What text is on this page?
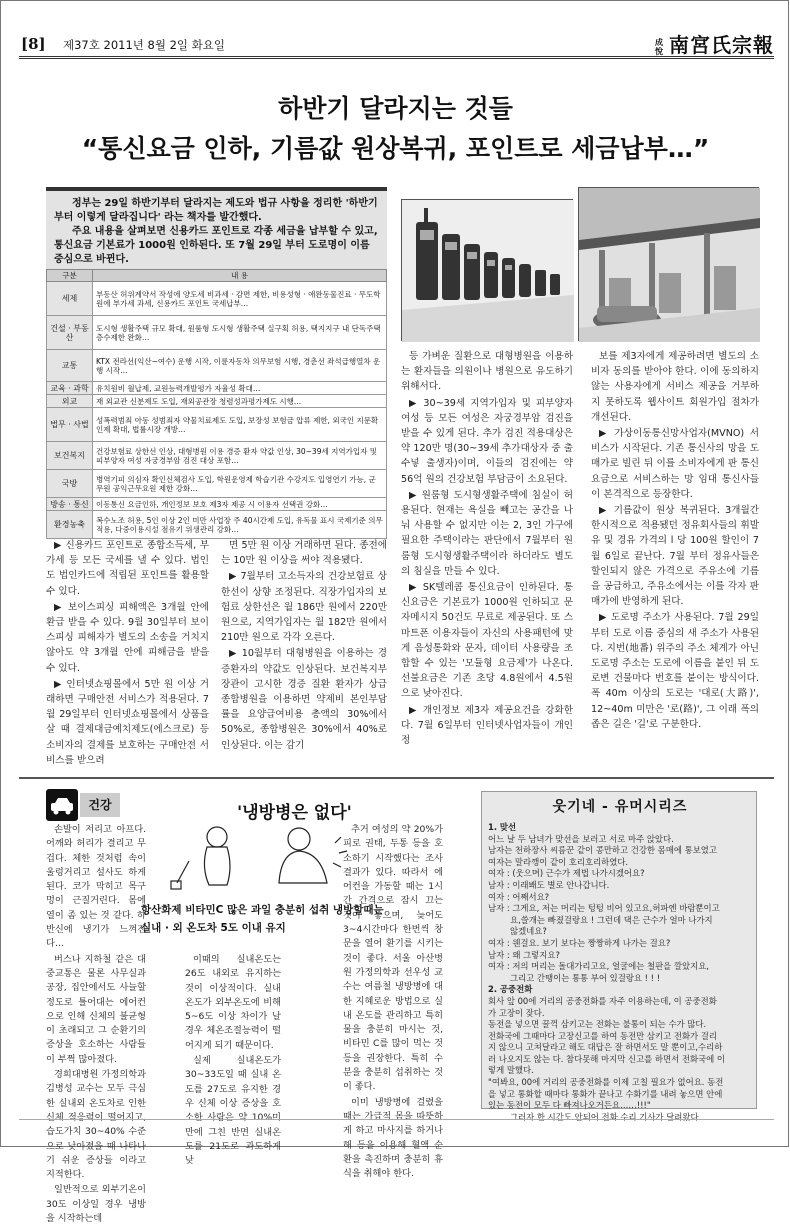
[8] 제37호 2011년 8월 2일 화요일	成悅 南宮氏宗報
하반기 달라지는 것들
“통신요금 인하, 기름값 원상복귀, 포인트로 세금납부…”

정부는 29일 하반기부터 달라지는 제도와 법규 사항을 정리한 '하반기부터 이렇게 달라집니다' 라는 책자를 발간했다.

주요 내용을 살펴보면 신용카드 포인트로 각종 세금을 납부할 수 있고, 통신요금 기본료가 1000원 인하된다. 또 7월 29일 부터 도로명이 이름 중심으로 바뀐다.

구분	내 용
세제	부동산 허위계약서 작성에 양도세 비과세 · 감면 제한, 비용성형 · 애완동물진료 · 무도학원에 부가세 과세, 신용카드 포인트 국세납부…
건설 · 부동산	도시형 생활주택 규모 확대, 원룸형 도시형 생활주택 실구획 허용, 택지지구 내 단독주택 층수제한 완화…
교통	KTX 전라선(익산~여수) 운행 시작, 이륜자동차 의무보험 시행, 경춘선 좌석급행열차 운행 시작…
교육 · 과학	유치원비 월납제, 교원능력개발평가 자율성 확대…
외교	재 외교관 신분제도 도입, 재외공관장 청렴성과평가제도 시행…
법무 · 사법	성폭력범죄 아동 성범죄자 약물치료제도 도입, 보장성 보험금 압류 제한, 외국인 지문확인제 확대, 법률시장 개방…
보건복지	건강보험료 상한선 인상, 대형병원 이용 경증 환자 약값 인상, 30~39세 지역가입자 및 피부양자 여성 자궁경부암 검진 대상 포함…
국방	병역기피 의심자 확인신체검사 도입, 학원운영제 학습기관 수강지도 입영연기 가능, 군무원 공익근무요원 제한 강화…
방송 · 통신	이동통신 요금인하, 개인정보 보호 제3자 제공 시 이용자 선택권 강화…
환경농축	복수노조 허용, 5인 이상 2인 미만 사업장 주 40시간제 도입, 유독물 표시 국제기준 의무 적용, 다중이용시설 점유기 위생관리 강화…

▶ 신용카드 포인트로 종합소득세, 부가세 등 모든 국세를 낼 수 있다. 법인도 법인카드에 적립된 포인트를 활용할 수 있다.

▶ 보이스피싱 피해액은 3개월 안에 환급 받을 수 있다. 9월 30일부터 보이스피싱 피해자가 별도의 소송을 거치지 않아도 약 3개월 안에 피해금을 받을 수 있다.

▶ 인터넷쇼핑몰에서 5만 원 이상 거래하면 구매안전 서비스가 적용된다. 7월 29일부터 인터넷쇼핑몰에서 상품을 살 때 결제대금예치제도(에스크로) 등 소비자의 결제를 보호하는 구매안전 서비스를 받으려

면 5만 원 이상 거래하면 된다. 종전에는 10만 원 이상을 써야 적용됐다.

▶ 7월부터 고소득자의 건강보험료 상한선이 상향 조정된다. 직장가입자의 보험료 상한선은 월 186만 원에서 220만 원으로, 지역가입자는 월 182만 원에서 210만 원으로 각각 오른다.

▶ 10월부터 대형병원을 이용하는 경증환자의 약값도 인상된다. 보건복지부 장관이 고시한 경증 질환 환자가 상급 종합병원을 이용하면 약제비 본인부담률을 요양급여비용 총액의 30%에서 50%로, 종합병원은 30%에서 40%로 인상된다. 이는 감기

등 가벼운 질환으로 대형병원을 이용하는 환자들을 의원이나 병원으로 유도하기 위해서다.

▶ 30~39세 지역가입자 및 피부양자 여성 등 모든 여성은 자궁경부암 검진을 받을 수 있게 된다. 추가 검진 적용대상은 약 120만 명(30~39세 추가대상자 중 출수넣 출생자)이며, 이들의 검진에는 약 56억 원의 건강보험 부담금이 소요된다.

▶ 원룸형 도시형생활주택에 침실이 허용된다. 현재는 욕실을 빼고는 공간을 나눠 사용할 수 없지만 이는 2, 3인 가구에 필요한 주택이라는 판단에서 7월부터 원룸형 도시형생활주택이라 하더라도 별도의 침실을 만들 수 있다.

▶ SK텔레콤 통신요금이 인하된다. 통신요금은 기본료가 1000원 인하되고 문자메시지 50건도 무료로 제공된다. 또 스마트폰 이용자들이 자신의 사용패턴에 맞게 음성통화와 문자, 데이터 사용량을 조합할 수 있는 '모듈형 요금제'가 나온다. 선불요금은 기존 초당 4.8원에서 4.5원으로 낮아진다.

▶ 개인정보 제3자 제공요건을 강화한다. 7월 6일부터 인터넷사업자들이 개인정

보를 제3자에게 제공하려면 별도의 소비자 동의를 받아야 한다. 이에 동의하지 않는 사용자에게 서비스 제공을 거부하지 못하도록 웹사이트 회원가입 절차가 개선된다.

▶ 가상이동통신망사업자(MVNO) 서비스가 시작된다. 기존 통신사의 망을 도매가로 빌린 뒤 이를 소비자에게 판 통신 요금으로 서비스하는 망 임대 통신사들이 본격적으로 등장한다.

▶ 기름값이 원상 복귀된다. 3개월간 한시적으로 적용됐던 정유회사들의 휘발유 및 경유 가격의 l 당 100원 할인이 7월 6일로 끝난다. 7월 부터 정유사들은 할인되지 않은 가격으로 주유소에 기름을 공급하고, 주유소에서는 이를 각자 판매가에 반영하게 된다.

▶ 도로명 주소가 사용된다. 7월 29일부터 도로 이름 중심의 새 주소가 사용된다. 지번(地番) 위주의 주소 체계가 아닌 도로명 주소는 도로에 이름을 붙인 뒤 도로변 건물마다 번호를 붙이는 방식이다. 폭 40m 이상의 도로는 '대로(大路)', 12~40m 미만은 '로(路)', 그 이래 폭의 좁은 길은 '길'로 구분한다.

건강	'냉방병은 없다'
항산화제 비타민C 많은 과일 충분히 섭취 냉방할때는 실내 · 외 온도차 5도 이내 유지

손발이 저리고 아프다. 어깨와 허리가 결리고 무겁다. 체한 것처럼 속이 울렁거리고 설사도 하게 된다. 코가 막히고 목구멍이 근질거린다. 몸에 열이 좀 있는 것 같다. 하반신에 냉기가 느껴진다…

버스나 지하철 같은 대중교통은 물론 사무실과 공장, 집안에서도 사늘할 정도로 틀어대는 에어컨으로 인해 신체의 불균형이 초래되고 그 순환기의 증상을 호소하는 사람들이 부쩍 많아졌다.

경희대병원 가정의학과 김병성 교수는 모두 극심한 실내외 온도차로 인한 신체 적응력이 떨어지고, 습도가치 30~40% 수준으로 낮아졌을 때 나타나기 쉬운 증상들 이라고 지적한다.

일반적으로 외부기온이 30도 이상일 경우 냉방을 시작하는데

이때의 실내온도는 26도 내외로 유지하는 것이 이상적이다. 실내 온도가 외부온도에 비해 5~6도 이상 차이가 날 경우 체온조절능력이 떨어지게 되기 때문이다.

실제 실내온도가 30~33도일 때 실내 온도를 27도로 유지한 경우 신체 이상 증상을 호소한 사람은 약 10%미만에 그친 반면 실내온도를 21도로 과도하게 낮

추거 여성의 약 20%가 피로 권태, 두통 등을 호소하기 시작했다는 조사결과가 있다. 따라서 에어컨을 가동할 때는 1시간 간격으로 잠시 끄는 것이 좋으며, 늦어도 3~4시간마다 한번씩 창문을 열어 환기를 시키는 것이 좋다. 서울 아산병원 가정의학과 선우성 교수는 여름철 냉방병에 대한 지혜로운 방법으로 실내 온도를 관리하고 특히 물을 충분히 마시는 것, 비타민 C를 많이 먹는 것 등을 권장한다. 특히 수분을 충분히 섭취하는 것이 좋다.

이미 냉방병에 걸렸을 때는 가급적 몸을 따뜻하게 하고 마사지를 하거나 해 등을 이용해 혈액 순환을 촉진하며 충분히 휴식을 취해야 한다.

웃기네 - 유머시리즈
1. 맞선
어느 날 두 남녀가 맞선을 보러고 서로 마주 앉았다.
남자는 천하장사 씨름꾼 같이 콩만하고 건강한 몸매에 통보였고
여자는 말라깽이 같이 호리호리하였다.
여자 : (웃으며) 근수가 제법 나가시겠어요?
남자 : 이래봬도 별로 안나갑니다.
여자 : 어째서요?
남자 : 그게요, 저는 머리는 텅텅 비어 있고요,허파엔 바람뿐이고
요,쓸개는 빠졌걸랑요 ! 그런데 댁은 근수가 얼마 나가지
않겠네요?
여자 : 웬걸요. 보기 보다는 짱짱하게 나가는 걸요?
남자 : 왜 그렇지요?
여자 : 저의 머리는 돌대가리고요, 얼굴에는 철판을 깔았지요,
그리고 간땡이는 통통 부어 있걸랑요 ! ! !
2. 공중전화
회사 앞 00에 거리의 공중전화를 자주 이용하는데, 이 공중전화
가 고장이 잦다.
동전을 넣으면 꿀꺽 삼키고는 전화는 불통이 되는 수가 많다.
전화국에 그때마다 고장신고를 하여 동전만 삼키고 전화가 걸리
지 않으니 고쳐달라고 해도 대답은 잘 하면서도 말 뿐이고,수리하
러 나오지도 않는 다. 참다못해 마지막 신고를 하면서 전화국에 이
렇게 말했다.
"여봐요, 00에 거리의 공중전화를 이제 고칠 필요가 없어요. 동전
을 넣고 통화할 때마다 통화가 끝나고 수화기를 내려 놓으면 안에
있는 동전이 모두 다 빠져나오거든요……!!!"
그러자 한 시간도 안되어 전화 수리 기사가 달려왔다.
